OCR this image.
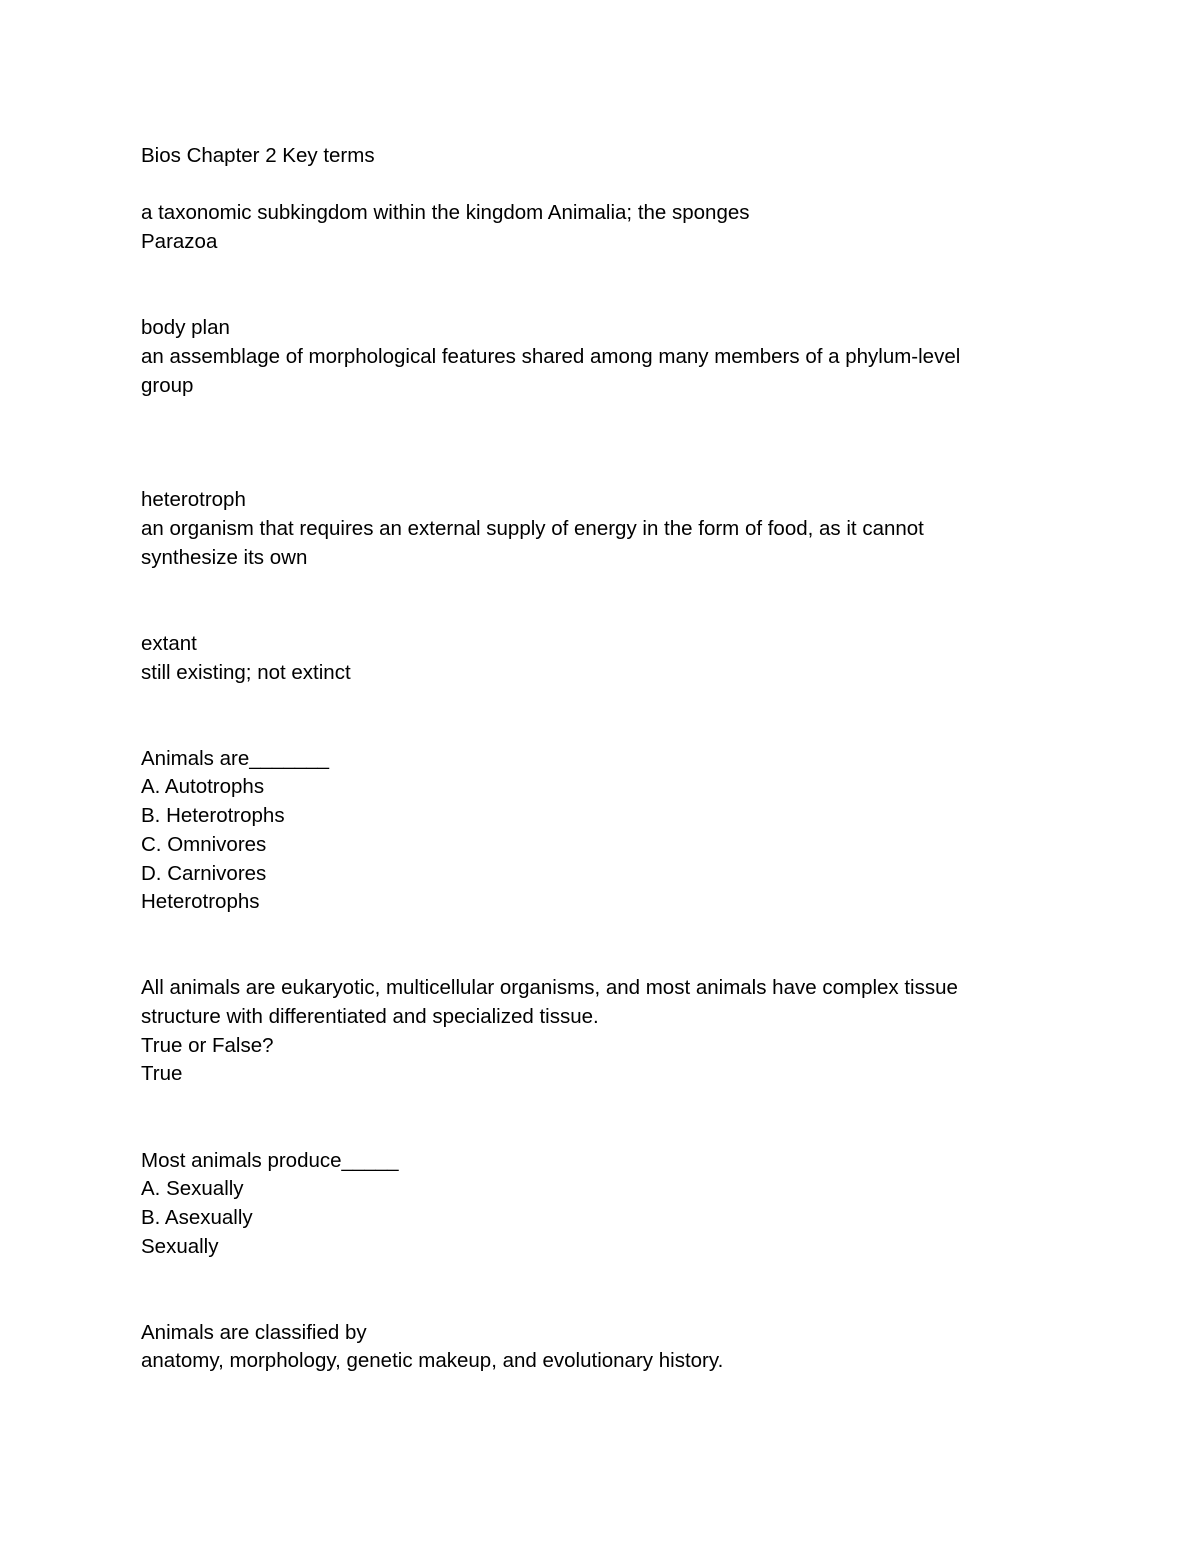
Bios Chapter 2 Key terms
a taxonomic subkingdom within the kingdom Animalia; the sponges
Parazoa
body plan
an assemblage of morphological features shared among many members of a phylum-level
group
heterotroph
an organism that requires an external supply of energy in the form of food, as it cannot
synthesize its own
extant
still existing; not extinct
Animals are_______
A. Autotrophs
B. Heterotrophs
C. Omnivores
D. Carnivores
Heterotrophs
All animals are eukaryotic, multicellular organisms, and most animals have complex tissue
structure with differentiated and specialized tissue.
True or False?
True
Most animals produce_____
A. Sexually
B. Asexually
Sexually
Animals are classified by
anatomy, morphology, genetic makeup, and evolutionary history.
